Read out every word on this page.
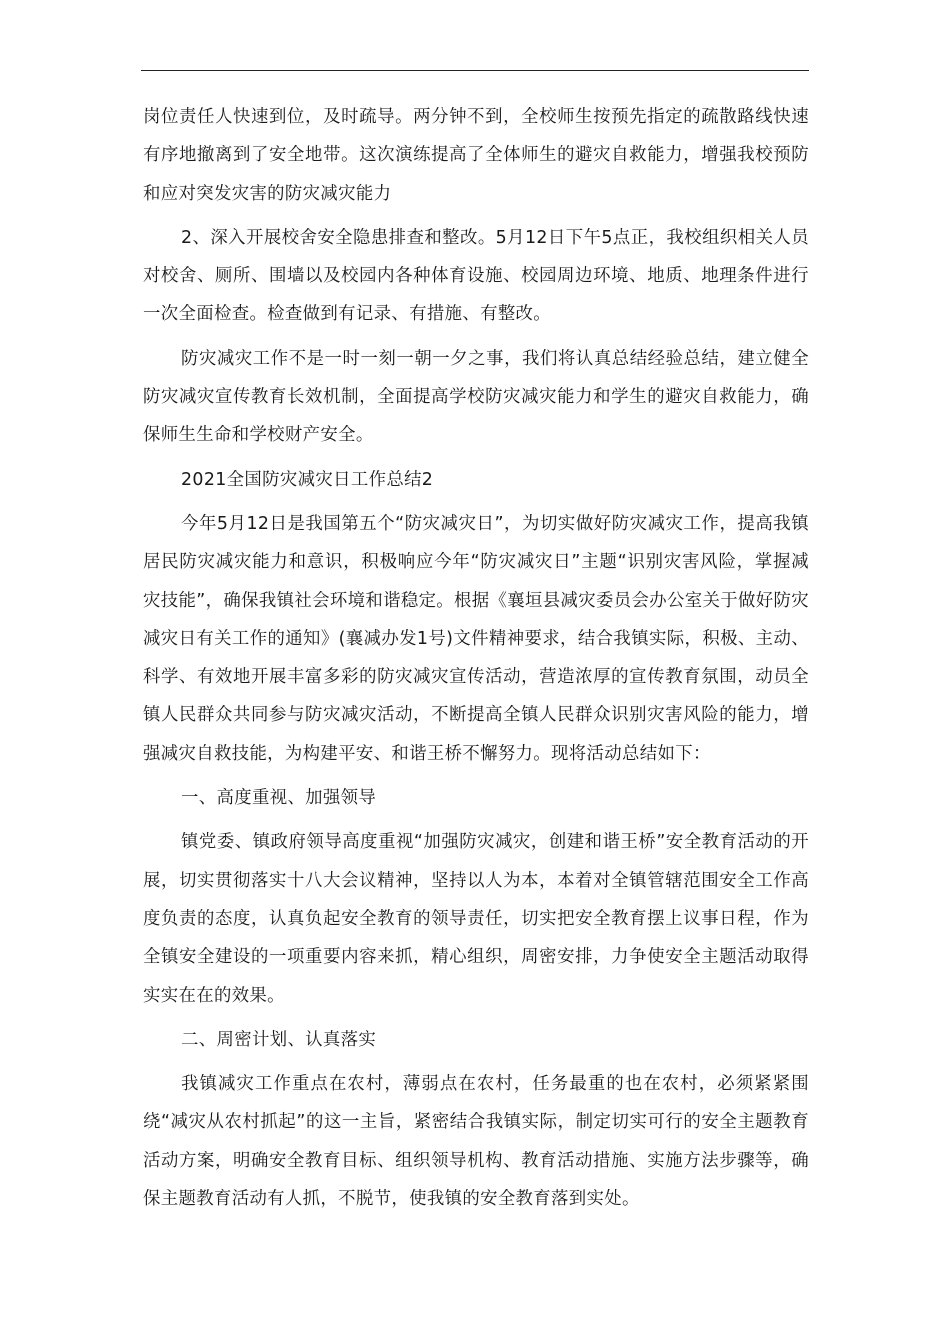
岗位责任人快速到位，及时疏导。两分钟不到，全校师生按预先指定的疏散路线快速有序地撤离到了安全地带。这次演练提高了全体师生的避灾自救能力，增强我校预防和应对突发灾害的防灾减灾能力

2、深入开展校舍安全隐患排查和整改。5月12日下午5点正，我校组织相关人员对校舍、厕所、围墙以及校园内各种体育设施、校园周边环境、地质、地理条件进行一次全面检查。检查做到有记录、有措施、有整改。

防灾减灾工作不是一时一刻一朝一夕之事，我们将认真总结经验总结，建立健全防灾减灾宣传教育长效机制，全面提高学校防灾减灾能力和学生的避灾自救能力，确保师生生命和学校财产安全。

2021全国防灾减灾日工作总结2

今年5月12日是我国第五个“防灾减灾日”，为切实做好防灾减灾工作，提高我镇居民防灾减灾能力和意识，积极响应今年“防灾减灾日”主题“识别灾害风险，掌握减灾技能”，确保我镇社会环境和谐稳定。根据《襄垣县减灾委员会办公室关于做好防灾减灾日有关工作的通知》(襄减办发1号)文件精神要求，结合我镇实际，积极、主动、科学、有效地开展丰富多彩的防灾减灾宣传活动，营造浓厚的宣传教育氛围，动员全镇人民群众共同参与防灾减灾活动，不断提高全镇人民群众识别灾害风险的能力，增强减灾自救技能，为构建平安、和谐王桥不懈努力。现将活动总结如下：

一、高度重视、加强领导

镇党委、镇政府领导高度重视“加强防灾减灾，创建和谐王桥”安全教育活动的开展，切实贯彻落实十八大会议精神，坚持以人为本，本着对全镇管辖范围安全工作高度负责的态度，认真负起安全教育的领导责任，切实把安全教育摆上议事日程，作为全镇安全建设的一项重要内容来抓，精心组织，周密安排，力争使安全主题活动取得实实在在的效果。

二、周密计划、认真落实

我镇减灾工作重点在农村，薄弱点在农村，任务最重的也在农村，必须紧紧围绕“减灾从农村抓起”的这一主旨，紧密结合我镇实际，制定切实可行的安全主题教育活动方案，明确安全教育目标、组织领导机构、教育活动措施、实施方法步骤等，确保主题教育活动有人抓，不脱节，使我镇的安全教育落到实处。
